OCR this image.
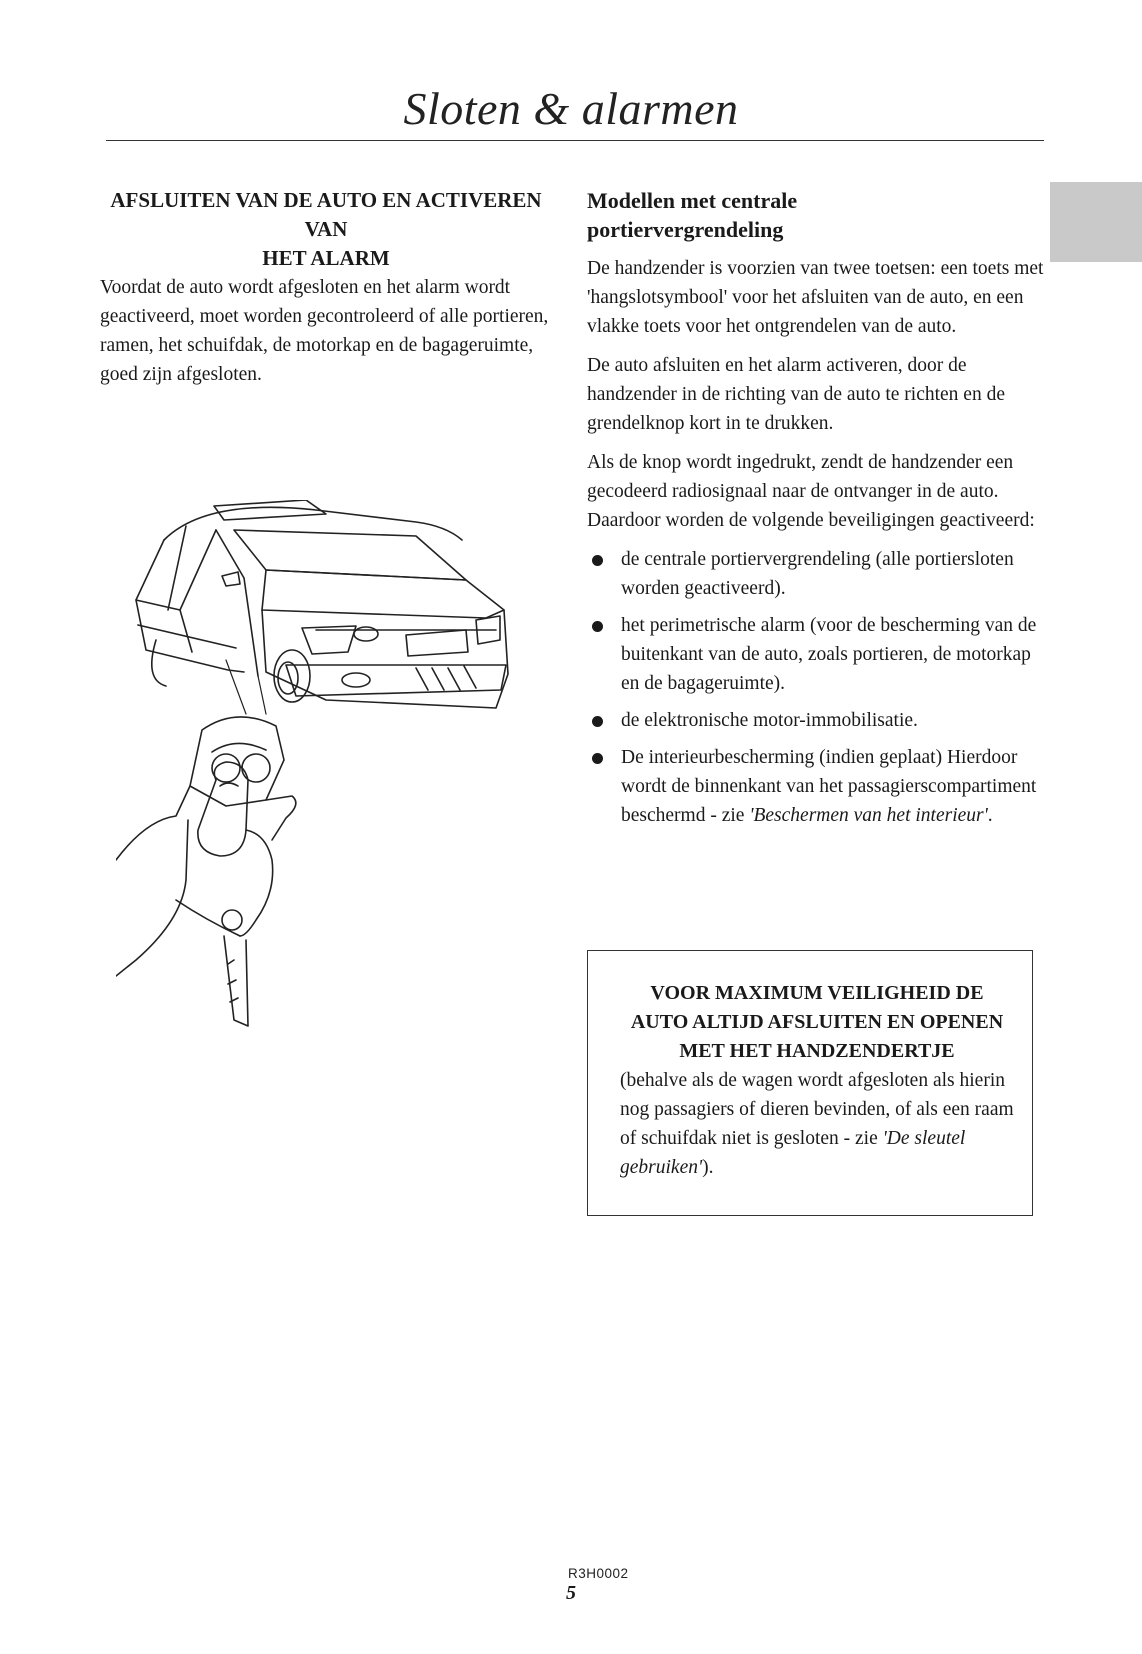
Sloten & alarmen

AFSLUITEN VAN DE AUTO EN ACTIVEREN
VAN
HET ALARM

Voordat de auto wordt afgesloten en het alarm wordt geactiveerd, moet worden gecontroleerd of alle portieren, ramen, het schuifdak, de motorkap en de bagageruimte, goed zijn afgesloten.

R3H0002

Modellen met centrale
portiervergrendeling

De handzender is voorzien van twee toetsen: een toets met 'hangslotsymbool' voor het afsluiten van de auto, en een vlakke toets voor het ontgrendelen van de auto.

De auto afsluiten en het alarm activeren, door de handzender in de richting van de auto te richten en de grendelknop kort in te drukken.

Als de knop wordt ingedrukt, zendt de handzender een gecodeerd radiosignaal naar de ontvanger in de auto. Daardoor worden de volgende beveiligingen geactiveerd:

de centrale portiervergrendeling (alle portiersloten worden geactiveerd).
het perimetrische alarm (voor de bescherming van de buitenkant van de auto, zoals portieren, de motorkap en de bagageruimte).
de elektronische motor-immobilisatie.
De interieurbescherming (indien geplaat) Hierdoor wordt de binnenkant van het passagierscompartiment beschermd - zie 'Beschermen van het interieur'.

VOOR MAXIMUM VEILIGHEID DE
AUTO ALTIJD AFSLUITEN EN OPENEN
MET HET HANDZENDERTJE

(behalve als de wagen wordt afgesloten als hierin nog passagiers of dieren bevinden, of als een raam of schuifdak niet is gesloten - zie 'De sleutel gebruiken').

5
